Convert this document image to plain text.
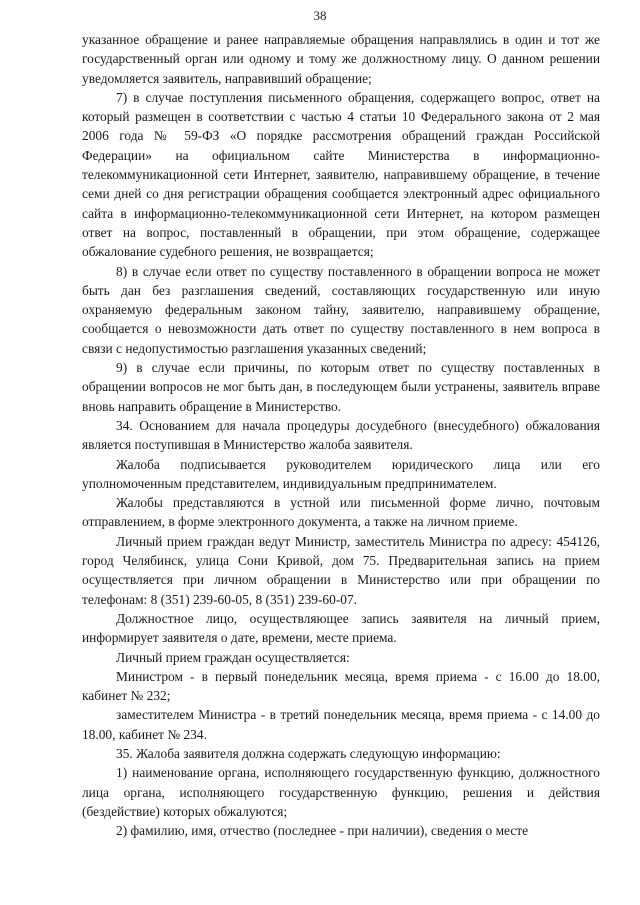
38

указанное обращение и ранее направляемые обращения направлялись в один и тот же государственный орган или одному и тому же должностному лицу. О данном решении уведомляется заявитель, направивший обращение;

7) в случае поступления письменного обращения, содержащего вопрос, ответ на который размещен в соответствии с частью 4 статьи 10 Федерального закона от 2 мая 2006 года № 59-ФЗ «О порядке рассмотрения обращений граждан Российской Федерации» на официальном сайте Министерства в информационно-телекоммуникационной сети Интернет, заявителю, направившему обращение, в течение семи дней со дня регистрации обращения сообщается электронный адрес официального сайта в информационно-телекоммуникационной сети Интернет, на котором размещен ответ на вопрос, поставленный в обращении, при этом обращение, содержащее обжалование судебного решения, не возвращается;

8) в случае если ответ по существу поставленного в обращении вопроса не может быть дан без разглашения сведений, составляющих государственную или иную охраняемую федеральным законом тайну, заявителю, направившему обращение, сообщается о невозможности дать ответ по существу поставленного в нем вопроса в связи с недопустимостью разглашения указанных сведений;

9) в случае если причины, по которым ответ по существу поставленных в обращении вопросов не мог быть дан, в последующем были устранены, заявитель вправе вновь направить обращение в Министерство.

34. Основанием для начала процедуры досудебного (внесудебного) обжалования является поступившая в Министерство жалоба заявителя.

Жалоба подписывается руководителем юридического лица или его уполномоченным представителем, индивидуальным предпринимателем.

Жалобы представляются в устной или письменной форме лично, почтовым отправлением, в форме электронного документа, а также на личном приеме.

Личный прием граждан ведут Министр, заместитель Министра по адресу: 454126, город Челябинск, улица Сони Кривой, дом 75. Предварительная запись на прием осуществляется при личном обращении в Министерство или при обращении по телефонам: 8 (351) 239-60-05, 8 (351) 239-60-07.

Должностное лицо, осуществляющее запись заявителя на личный прием, информирует заявителя о дате, времени, месте приема.

Личный прием граждан осуществляется:

Министром - в первый понедельник месяца, время приема - с 16.00 до 18.00, кабинет № 232;

заместителем Министра - в третий понедельник месяца, время приема - с 14.00 до 18.00, кабинет № 234.

35. Жалоба заявителя должна содержать следующую информацию:

1) наименование органа, исполняющего государственную функцию, должностного лица органа, исполняющего государственную функцию, решения и действия (бездействие) которых обжалуются;

2) фамилию, имя, отчество (последнее - при наличии), сведения о месте
